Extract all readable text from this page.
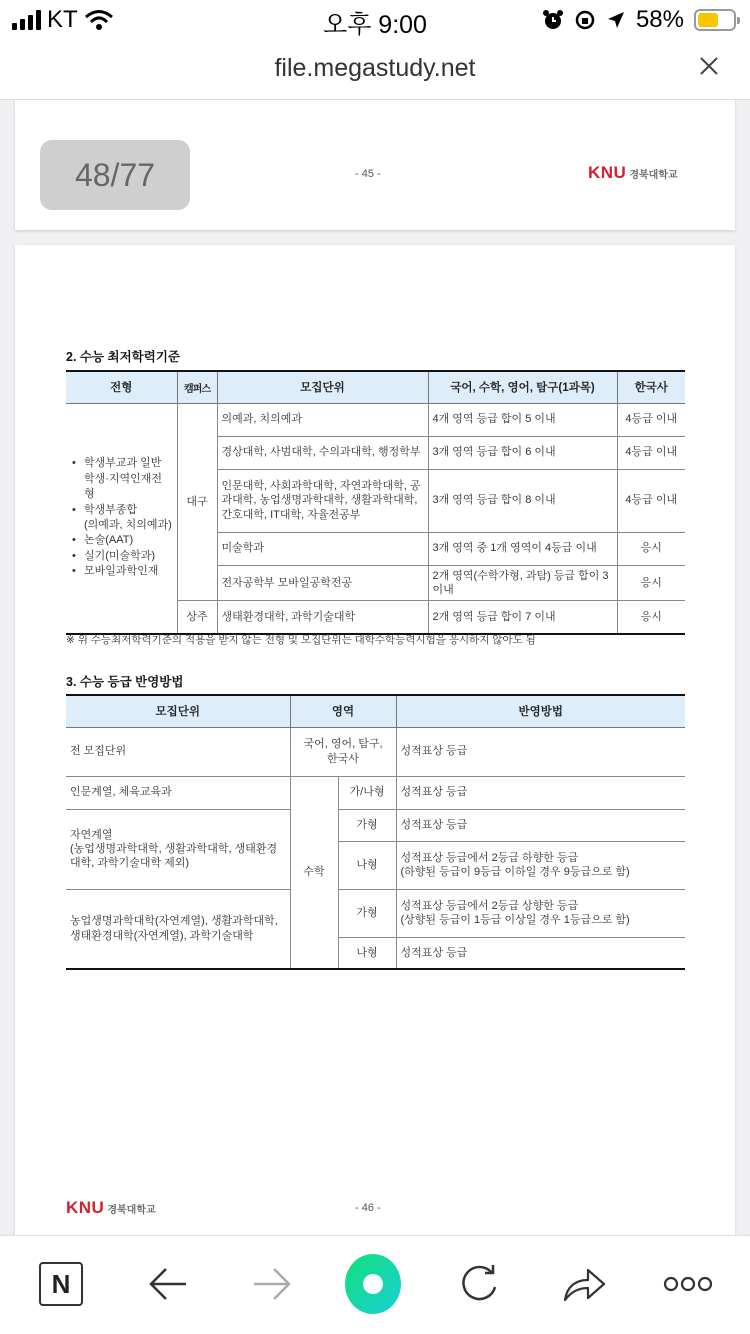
KT	오후 9:00	58%
file.megastudy.net
- 45 -	KNU 경북대학교
48/77
2. 수능 최저학력기준
전형	캠퍼스	모집단위	국어, 수학, 영어, 탐구(1과목)	한국사

• 학생부교과 일반
학생·지역인재전형
• 학생부종합
(의예과, 치의예과)
• 논술(AAT)
• 실기(미술학과)
• 모바일과학인재
	대구	의예과, 치의예과	4개 영역 등급 합이 5 이내	4등급 이내
		경상대학, 사범대학, 수의과대학, 행정학부	3개 영역 등급 합이 6 이내	4등급 이내
		인문대학, 사회과학대학, 자연과학대학, 공과대학, 농업생명과학대학, 생활과학대학, 간호대학, IT대학, 자율전공부	3개 영역 등급 합이 8 이내	4등급 이내
		미술학과	3개 영역 중 1개 영역이 4등급 이내	응시
		전자공학부 모바일공학전공	2개 영역(수학가형, 과탐) 등급 합이 3 이내	응시
	상주	생태환경대학, 과학기술대학	2개 영역 등급 합이 7 이내	응시
※ 위 수능최저학력기준의 적용을 받지 않는 전형 및 모집단위는 대학수학능력시험을 응시하지 않아도 됨
3. 수능 등급 반영방법
모집단위	영역		반영방법
전 모집단위	국어, 영어, 탐구, 한국사		성적표상 등급
인문계열, 체육교육과	수학	가/나형	성적표상 등급
자연계열
(농업생명과학대학, 생활과학대학, 생태환경대학, 과학기술대학 제외)		가형	성적표상 등급
		나형	성적표상 등급에서 2등급 하향한 등급
(하향된 등급이 9등급 이하일 경우 9등급으로 함)
농업생명과학대학(자연계열), 생활과학대학, 생태환경대학(자연계열), 과학기술대학		가형	성적표상 등급에서 2등급 상향한 등급
(상향된 등급이 1등급 이상일 경우 1등급으로 함)
		나형	성적표상 등급
KNU 경북대학교	- 46 -
N
